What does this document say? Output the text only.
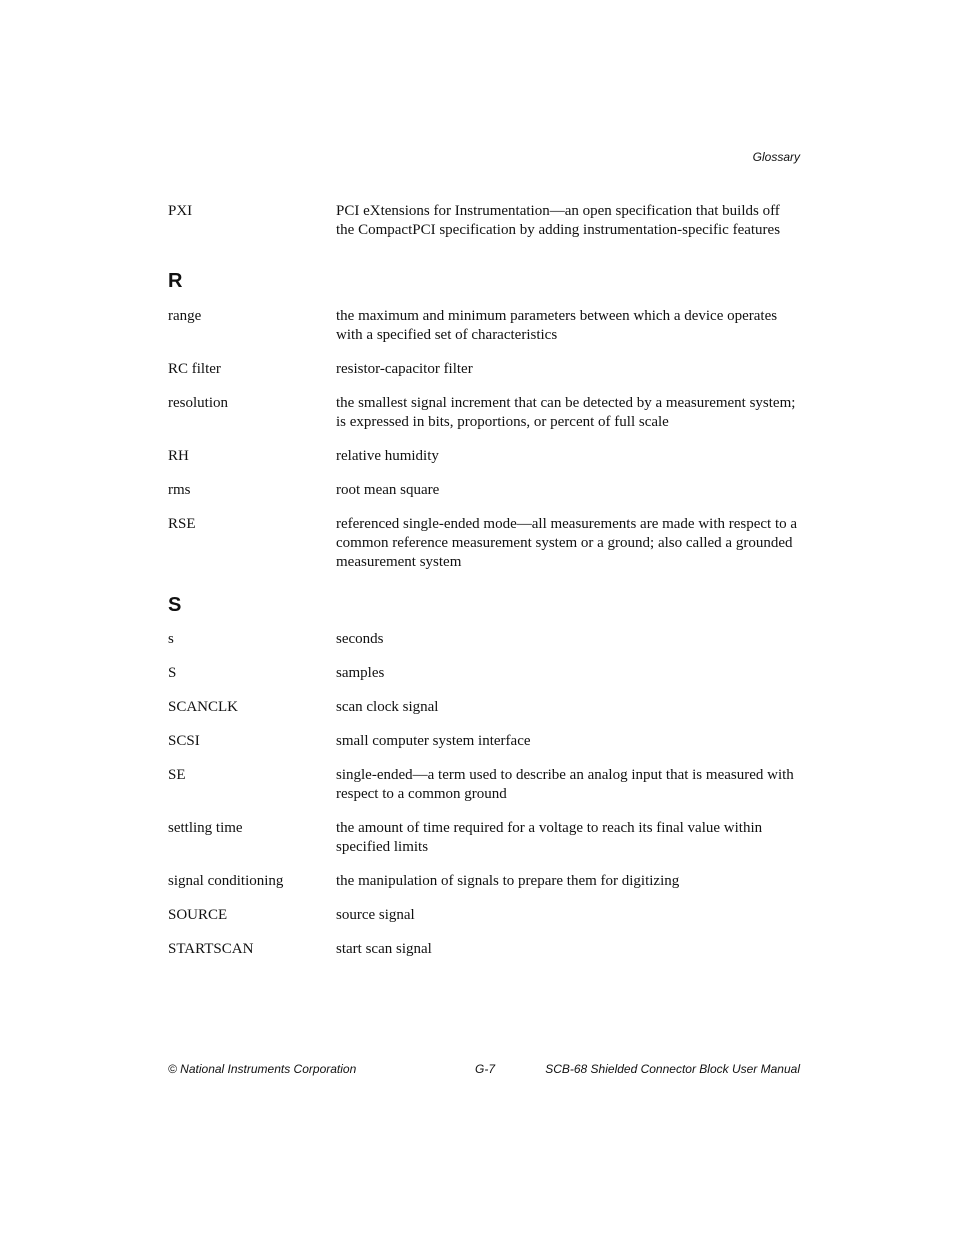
Glossary
PXI	PCI eXtensions for Instrumentation—an open specification that builds off the CompactPCI specification by adding instrumentation-specific features
R
range	the maximum and minimum parameters between which a device operates with a specified set of characteristics
RC filter	resistor-capacitor filter
resolution	the smallest signal increment that can be detected by a measurement system; is expressed in bits, proportions, or percent of full scale
RH	relative humidity
rms	root mean square
RSE	referenced single-ended mode—all measurements are made with respect to a common reference measurement system or a ground; also called a grounded measurement system
S
s	seconds
S	samples
SCANCLK	scan clock signal
SCSI	small computer system interface
SE	single-ended—a term used to describe an analog input that is measured with respect to a common ground
settling time	the amount of time required for a voltage to reach its final value within specified limits
signal conditioning	the manipulation of signals to prepare them for digitizing
SOURCE	source signal
STARTSCAN	start scan signal
© National Instruments Corporation	G-7	SCB-68 Shielded Connector Block User Manual
